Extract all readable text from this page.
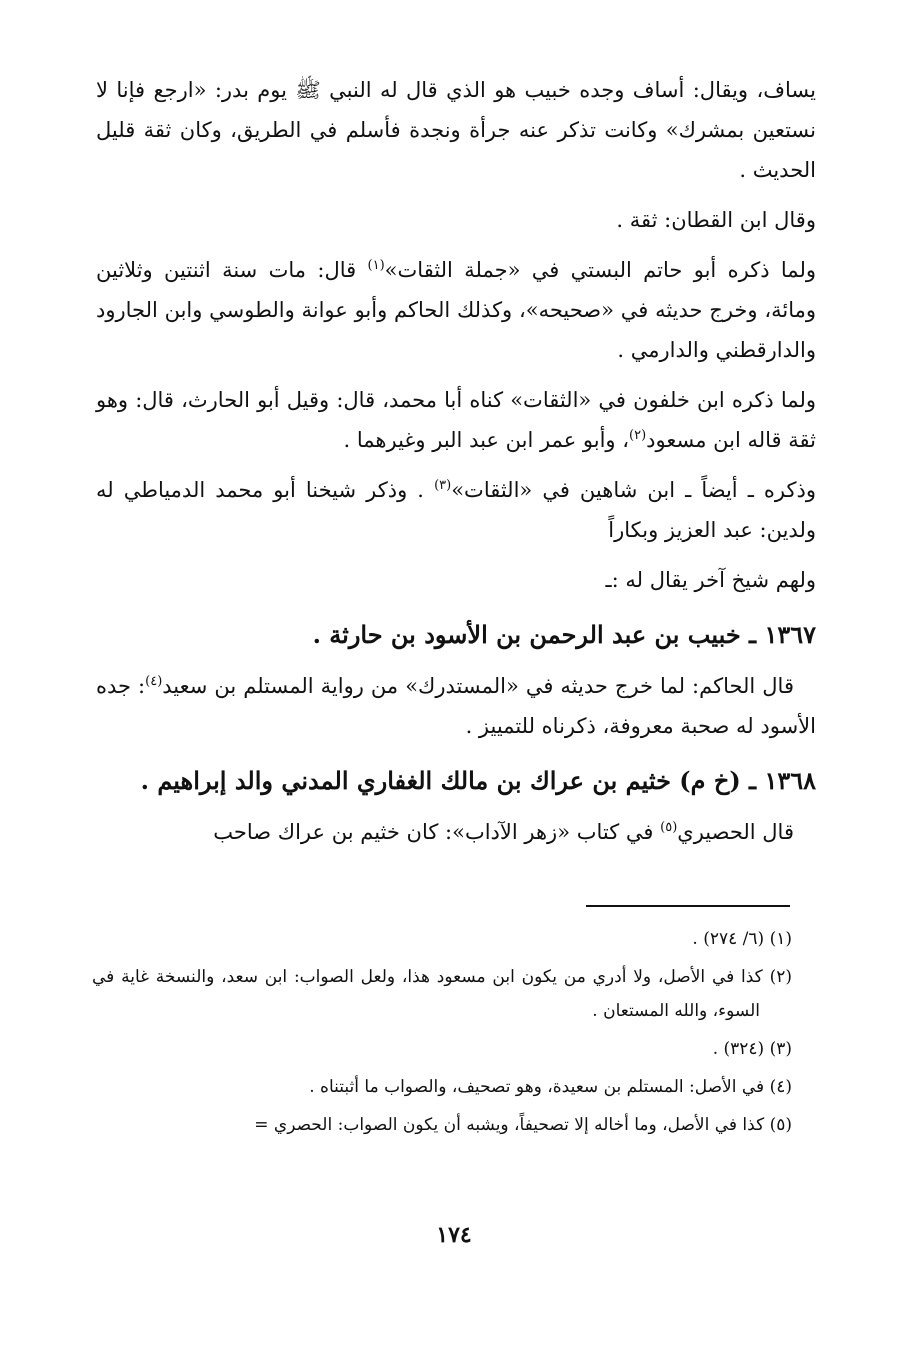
يساف، ويقال: أساف وجده خبيب هو الذي قال له النبي ﷺ يوم بدر: «ارجع فإنا لا نستعين بمشرك» وكانت تذكر عنه جرأة ونجدة فأسلم في الطريق، وكان ثقة قليل الحديث .

وقال ابن القطان: ثقة .

ولما ذكره أبو حاتم البستي في «جملة الثقات»$^{(١)}$ قال: مات سنة اثنتين وثلاثين ومائة، وخرج حديثه في «صحيحه»، وكذلك الحاكم وأبو عوانة والطوسي وابن الجارود والدارقطني والدارمي .

ولما ذكره ابن خلفون في «الثقات» كناه أبا محمد، قال: وقيل أبو الحارث، قال: وهو ثقة قاله ابن مسعود$^{(٢)}$، وأبو عمر ابن عبد البر وغيرهما .

وذكره ـ أيضاً ـ ابن شاهين في «الثقات»$^{(٣)}$ . وذكر شيخنا أبو محمد الدمياطي له ولدين: عبد العزيز وبكاراً

ولهم شيخ آخر يقال له :ـ

١٣٦٧ ـ خبيب بن عبد الرحمن بن الأسود بن حارثة .

قال الحاكم: لما خرج حديثه في «المستدرك» من رواية المستلم بن سعيد$^{(٤)}$: جده الأسود له صحبة معروفة، ذكرناه للتمييز .

١٣٦٨ ـ (خ م) خثيم بن عراك بن مالك الغفاري المدني والد إبراهيم .

قال الحصيري$^{(٥)}$ في كتاب «زهر الآداب»: كان خثيم بن عراك صاحب

(١) (٦/ ٢٧٤) .

(٢) كذا في الأصل، ولا أدري من يكون ابن مسعود هذا، ولعل الصواب: ابن سعد، والنسخة غاية في السوء، والله المستعان .

(٣) (٣٢٤) .

(٤) في الأصل: المستلم بن سعيدة، وهو تصحيف، والصواب ما أثبتناه .

(٥) كذا في الأصل، وما أخاله إلا تصحيفاً، ويشبه أن يكون الصواب: الحصري =

١٧٤
